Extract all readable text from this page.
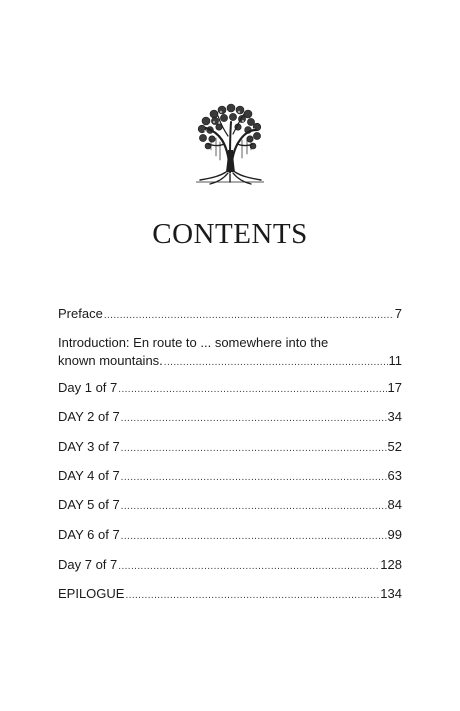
CONTENTS
Preface .....	7
Introduction: En route to ... somewhere into the
known mountains. .....	11
Day 1 of 7 .....	17
DAY 2 of 7 .....	34
DAY 3 of 7 .....	52
DAY 4 of 7 .....	63
DAY 5 of 7 .....	84
DAY 6 of 7 .....	99
Day 7 of 7 .....	128
EPILOGUE .....	134
